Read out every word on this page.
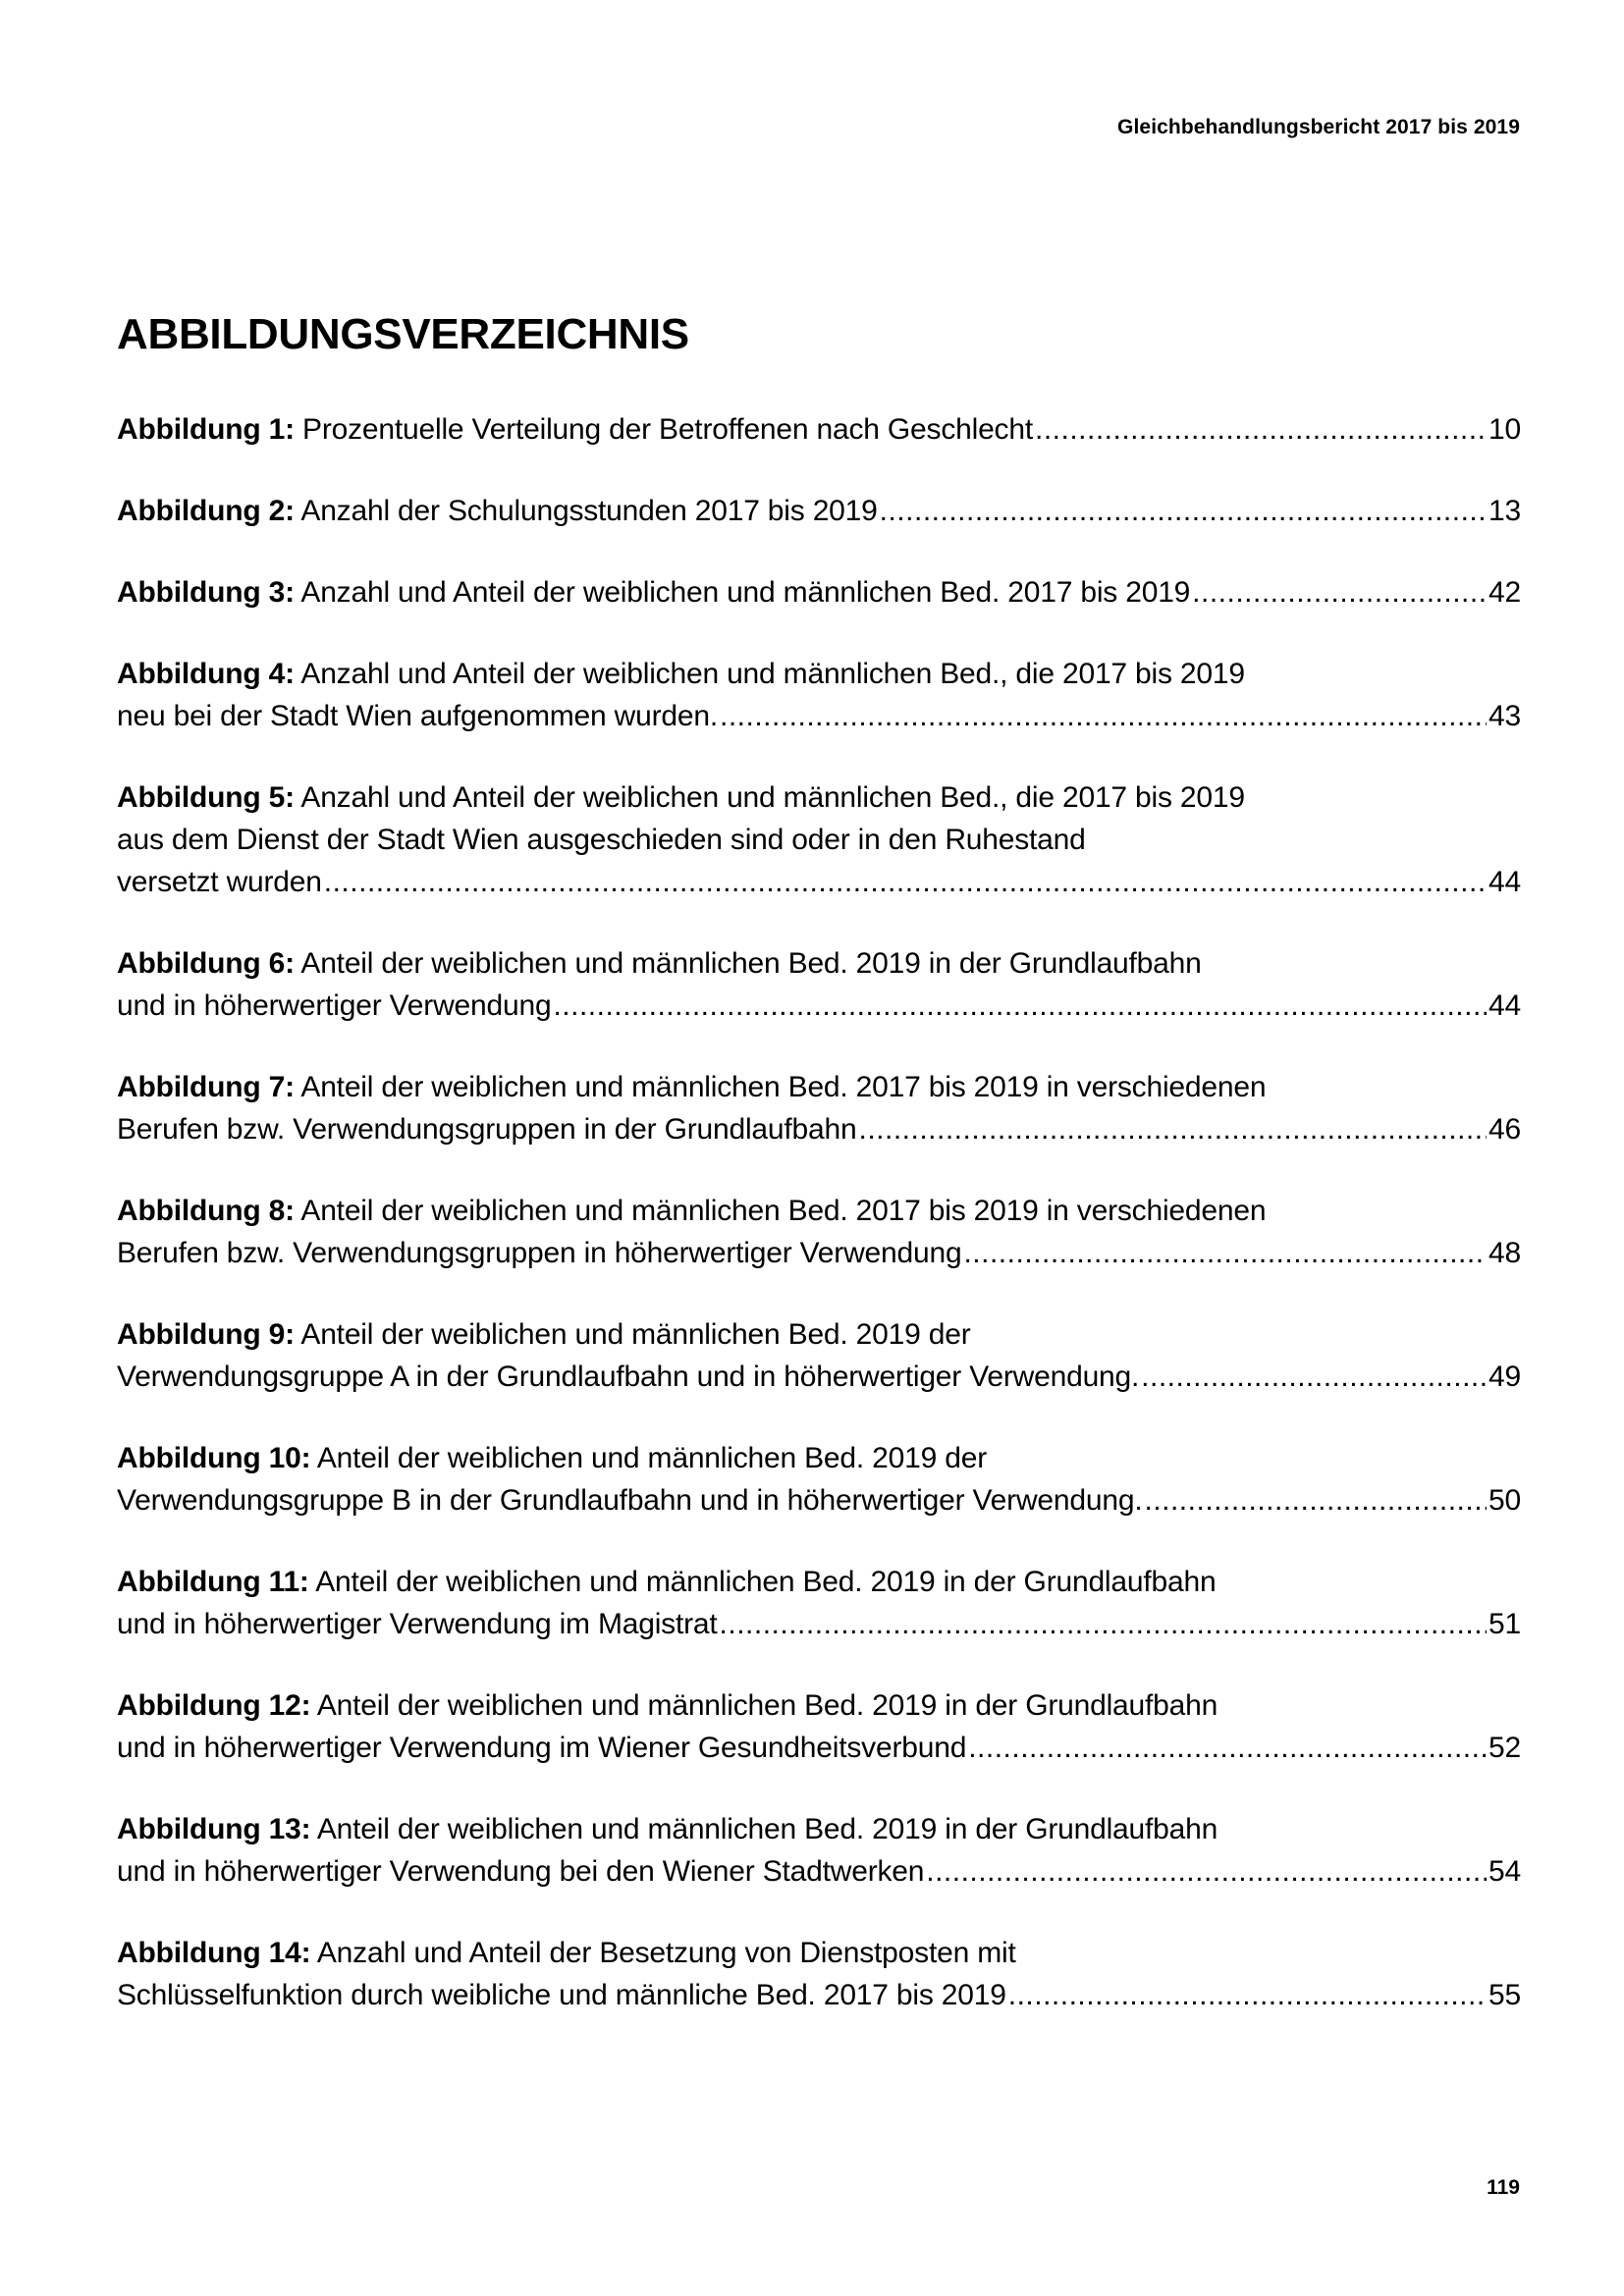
Gleichbehandlungsbericht 2017 bis 2019
ABBILDUNGSVERZEICHNIS
Abbildung 1: Prozentuelle Verteilung der Betroffenen nach Geschlecht .....	10
Abbildung 2: Anzahl der Schulungsstunden 2017 bis 2019 .....	13
Abbildung 3: Anzahl und Anteil der weiblichen und männlichen Bed. 2017 bis 2019 .....	42
Abbildung 4: Anzahl und Anteil der weiblichen und männlichen Bed., die 2017 bis 2019
neu bei der Stadt Wien aufgenommen wurden. .....	43
Abbildung 5: Anzahl und Anteil der weiblichen und männlichen Bed., die 2017 bis 2019
aus dem Dienst der Stadt Wien ausgeschieden sind oder in den Ruhestand
versetzt wurden .....	44
Abbildung 6: Anteil der weiblichen und männlichen Bed. 2019 in der Grundlaufbahn
und in höherwertiger Verwendung .....	44
Abbildung 7: Anteil der weiblichen und männlichen Bed. 2017 bis 2019 in verschiedenen
Berufen bzw. Verwendungsgruppen in der Grundlaufbahn .....	46
Abbildung 8: Anteil der weiblichen und männlichen Bed. 2017 bis 2019 in verschiedenen
Berufen bzw. Verwendungsgruppen in höherwertiger Verwendung .....	48
Abbildung 9: Anteil der weiblichen und männlichen Bed. 2019 der
Verwendungsgruppe A in der Grundlaufbahn und in höherwertiger Verwendung. .....	49
Abbildung 10: Anteil der weiblichen und männlichen Bed. 2019 der
Verwendungsgruppe B in der Grundlaufbahn und in höherwertiger Verwendung. .....	50
Abbildung 11: Anteil der weiblichen und männlichen Bed. 2019 in der Grundlaufbahn
und in höherwertiger Verwendung im Magistrat .....	51
Abbildung 12: Anteil der weiblichen und männlichen Bed. 2019 in der Grundlaufbahn
und in höherwertiger Verwendung im Wiener Gesundheitsverbund .....	52
Abbildung 13: Anteil der weiblichen und männlichen Bed. 2019 in der Grundlaufbahn
und in höherwertiger Verwendung bei den Wiener Stadtwerken .....	54
Abbildung 14: Anzahl und Anteil der Besetzung von Dienstposten mit
Schlüsselfunktion durch weibliche und männliche Bed. 2017 bis 2019 .....	55
119
